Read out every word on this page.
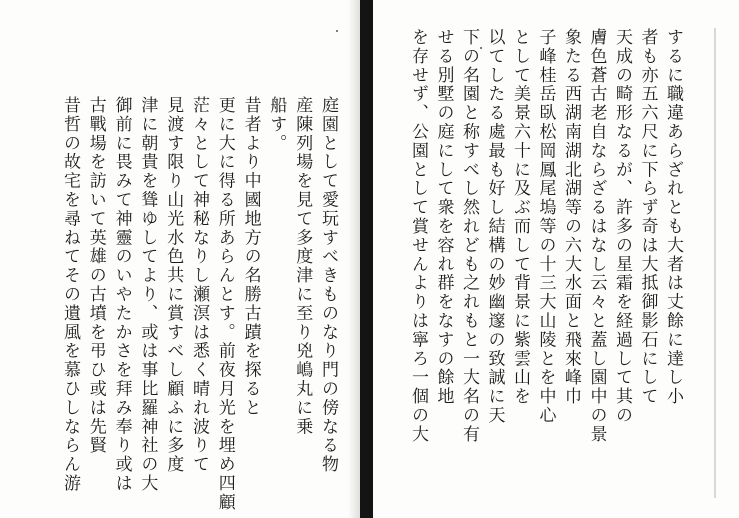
庭園として愛玩すべきものなり門の傍なる物
産陳列場を見て多度津に至り兇嶋丸に乗
船す。
昔者より中國地方の名勝古蹟を探ると
更に大に得る所あらんとす。前夜月光を埋め四顧
茫々として神秘なりし瀬溟は悉く晴れ波りて
見渡す限り山光水色共に賞すべし顧ふに多度
津に朝貴を聳ゆしてより、或は事比羅神社の大
御前に畏みて神靈のいやたかさを拜み奉り或は
古戰場を訪いて英雄の古墳を弔ひ或は先賢
昔哲の故宅を尋ねてその遺風を慕ひしならん游	するに職違あらざれとも大者は丈餘に達し小
者も亦五六尺に下らず奇は大抵御影石にして
天成の畸形なるが、許多の星霜を経過して其の
膚色蒼古老自ならざるはなし云々と蓋し園中の景
象たる西湖南湖北湖等の六大水面と飛來峰巾
子峰桂岳臥松岡鳳尾塢等の十三大山陵とを中心
として美景六十に及ぶ而して背景に紫雲山を
以てしたる處最も好し結構の妙幽邃の致誠に天
下の名園と称すべし然れども之れもと一大名の有
せる別墅の庭にして衆を容れ群をなすの餘地
を存せず、公園として賞せんよりは寧ろ一個の大
